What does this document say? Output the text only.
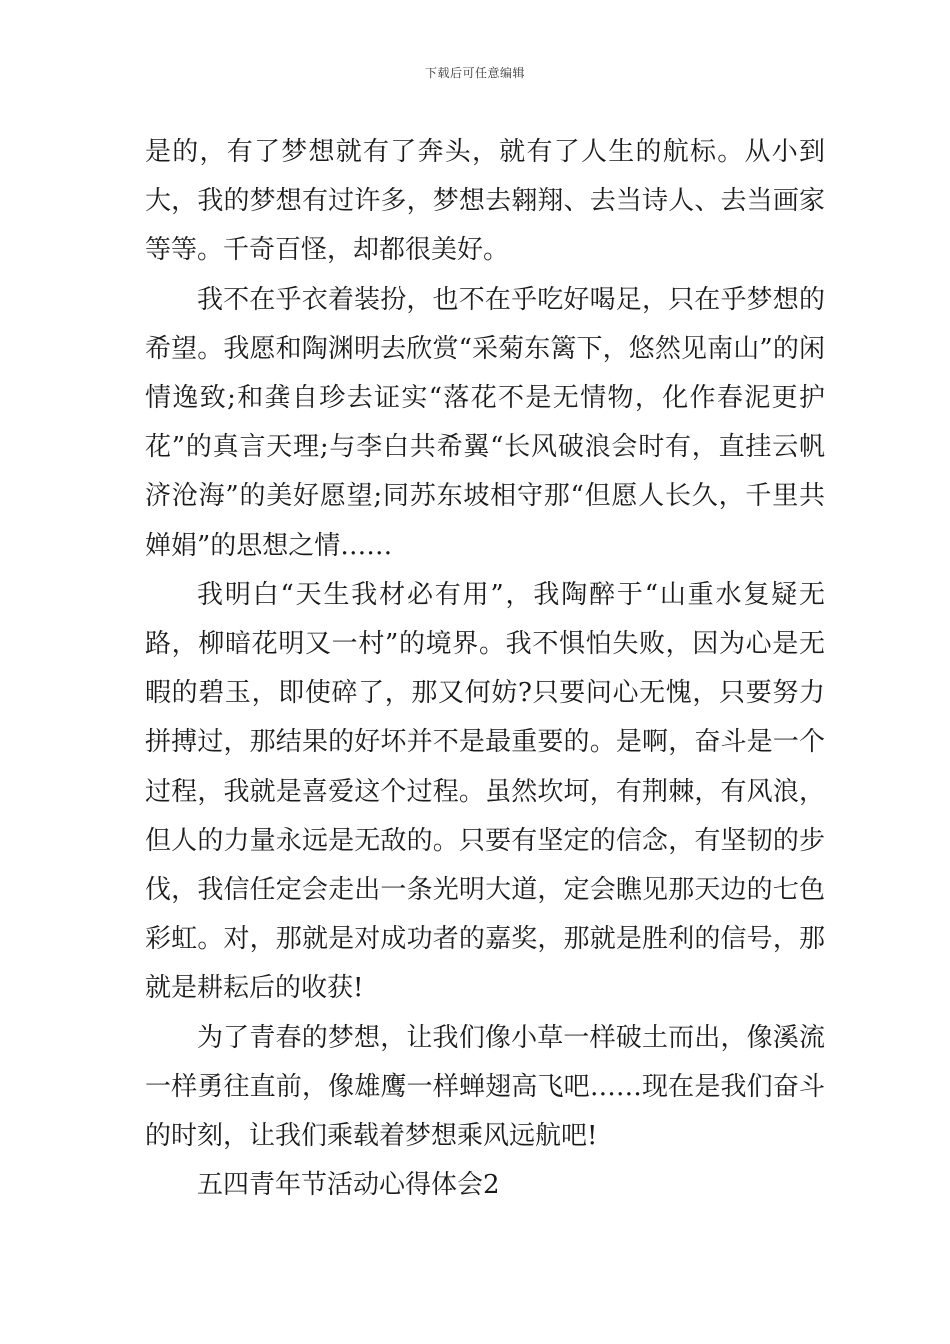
下载后可任意编辑

是的，有了梦想就有了奔头，就有了人生的航标。从小到大，我的梦想有过许多，梦想去翱翔、去当诗人、去当画家等等。千奇百怪，却都很美好。

我不在乎衣着装扮，也不在乎吃好喝足，只在乎梦想的希望。我愿和陶渊明去欣赏“采菊东篱下，悠然见南山”的闲情逸致;和龚自珍去证实“落花不是无情物，化作春泥更护花”的真言天理;与李白共希翼“长风破浪会时有，直挂云帆济沧海”的美好愿望;同苏东坡相守那“但愿人长久，千里共婵娟”的思想之情……

我明白“天生我材必有用”，我陶醉于“山重水复疑无路，柳暗花明又一村”的境界。我不惧怕失败，因为心是无暇的碧玉，即使碎了，那又何妨?只要问心无愧，只要努力拼搏过，那结果的好坏并不是最重要的。是啊，奋斗是一个过程，我就是喜爱这个过程。虽然坎坷，有荆棘，有风浪，但人的力量永远是无敌的。只要有坚定的信念，有坚韧的步伐，我信任定会走出一条光明大道，定会瞧见那天边的七色彩虹。对，那就是对成功者的嘉奖，那就是胜利的信号，那就是耕耘后的收获!

为了青春的梦想，让我们像小草一样破土而出，像溪流一样勇往直前，像雄鹰一样蝉翅高飞吧……现在是我们奋斗的时刻，让我们乘载着梦想乘风远航吧!

五四青年节活动心得体会2
